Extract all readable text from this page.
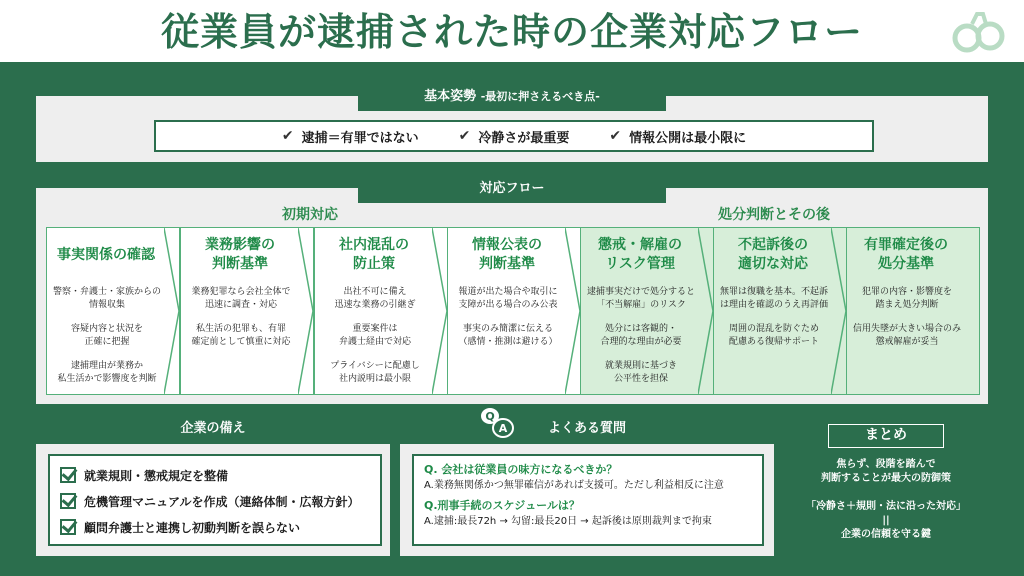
従業員が逮捕された時の企業対応フロー
基本姿勢 -最初に押さえるべき点-
✔ 逮捕＝有罪ではない	✔ 冷静さが最重要	✔ 情報公開は最小限に
対応フロー
初期対応	処分判断とその後
事実関係の確認

警察・弁護士・家族からの
情報収集

容疑内容と状況を
正確に把握

逮捕理由が業務か
私生活かで影響度を判断

業務影響の
判断基準

業務犯罪なら会社全体で
迅速に調査・対応

私生活の犯罪も、有罪
確定前として慎重に対応

社内混乱の
防止策

出社不可に備え
迅速な業務の引継ぎ

重要案件は
弁護士経由で対応

プライバシーに配慮し
社内説明は最小限

情報公表の
判断基準

報道が出た場合や取引に
支障が出る場合のみ公表

事実のみ簡潔に伝える
（感情・推測は避ける）

懲戒・解雇の
リスク管理

逮捕事実だけで処分すると
「不当解雇」のリスク

処分には客観的・
合理的な理由が必要

就業規則に基づき
公平性を担保

不起訴後の
適切な対応

無罪は復職を基本。不起訴
は理由を確認のうえ再評価

周囲の混乱を防ぐため
配慮ある復帰サポート

有罪確定後の
処分基準

犯罪の内容・影響度を
踏まえ処分判断

信用失墜が大きい場合のみ
懲戒解雇が妥当

企業の備え
就業規則・懲戒規定を整備
危機管理マニュアルを作成（連絡体制・広報方針）
顧問弁護士と連携し初動判断を誤らない
よくある質問
Q
A
Q. 会社は従業員の味方になるべきか？
A.業務無関係かつ無罪確信があれば支援可。ただし利益相反に注意
Q.刑事手続のスケジュールは？
A.逮捕:最長72h → 勾留:最長20日 → 起訴後は原則裁判まで拘束
まとめ
焦らず、段階を踏んで
判断することが最大の防御策
「冷静さ＋規則・法に沿った対応」
||
企業の信頼を守る鍵
